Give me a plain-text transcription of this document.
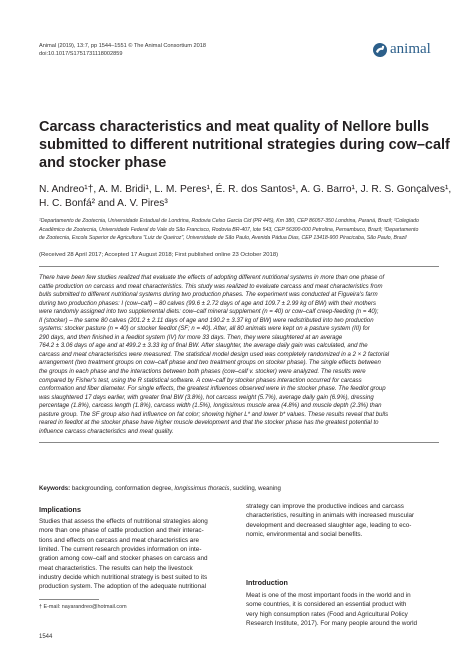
Animal (2019), 13:7, pp 1544–1551 © The Animal Consortium 2018
doi:10.1017/S1751731118002859	animal
Carcass characteristics and meat quality of Nellore bulls
submitted to different nutritional strategies during cow–calf
and stocker phase
N. Andreo¹†, A. M. Bridi¹, L. M. Peres¹, É. R. dos Santos¹, A. G. Barro¹, J. R. S. Gonçalves¹,
H. C. Bonfá² and A. V. Pires³
¹Departamento de Zootecnia, Universidade Estadual de Londrina, Rodovia Celso Garcia Cid (PR 445), Km 380, CEP 86057-350 Londrina, Paraná, Brazil; ²Colegiado
Acadêmico de Zootecnia, Universidade Federal do Vale do São Francisco, Rodovia BR-407, lote 543, CEP 56300-000 Petrolina, Pernambuco, Brazil; ³Departamento
de Zootecnia, Escola Superior de Agricultura "Luiz de Queiroz", Universidade de São Paulo, Avenida Pádua Dias, CEP 13418-900 Piracicaba, São Paulo, Brazil
(Received 28 April 2017; Accepted 17 August 2018; First published online 23 October 2018)
There have been few studies realized that evaluate the effects of adopting different nutritional systems in more than one phase of
cattle production on carcass and meat characteristics. This study was realized to evaluate carcass and meat characteristics from
bulls submitted to different nutritional systems during two production phases. The experiment was conducted at Figueira's farm
during two production phases: I (cow–calf) – 80 calves (99.6 ± 2.72 days of age and 109.7 ± 2.99 kg of BW) with their mothers
were randomly assigned into two supplemental diets: cow–calf mineral supplement (n = 40) or cow–calf creep-feeding (n = 40);
II (stocker) – the same 80 calves (201.2 ± 2.11 days of age and 190.2 ± 3.37 kg of BW) were redistributed into two production
systems: stocker pasture (n = 40) or stocker feedlot (SF; n = 40). After, all 80 animals were kept on a pasture system (III) for
290 days, and then finished in a feedlot system (IV) for more 33 days. Then, they were slaughtered at an average
764.2 ± 3.06 days of age and at 499.2 ± 3.33 kg of final BW. After slaughter, the average daily gain was calculated, and the
carcass and meat characteristics were measured. The statistical model design used was completely randomized in a 2 × 2 factorial
arrangement (two treatment groups on cow–calf phase and two treatment groups on stocker phase). The single effects between
the groups in each phase and the interactions between both phases (cow–calf v. stocker) were analyzed. The results were
compared by Fisher's test, using the R statistical software. A cow–calf by stocker phases interaction occurred for carcass
conformation and fiber diameter. For single effects, the greatest influences observed were in the stocker phase. The feedlot group
was slaughtered 17 days earlier, with greater final BW (3.8%), hot carcass weight (5.7%), average daily gain (6.9%), dressing
percentage (1.8%), carcass length (1.8%), carcass width (1.5%), longissimus muscle area (4.8%) and muscle depth (2.3%) than
pasture group. The SF group also had influence on fat color; showing higher L* and lower b* values. These results reveal that bulls
reared in feedlot at the stocker phase have higher muscle development and that the stocker phase has the greatest potential to
influence carcass characteristics and meat quality.
Keywords: backgrounding, conformation degree, longissimus thoracis, suckling, weaning
Implications
Studies that assess the effects of nutritional strategies along
more than one phase of cattle production and their interac-
tions and effects on carcass and meat characteristics are
limited. The current research provides information on inte-
gration among cow–calf and stocker phases on carcass and
meat characteristics. The results can help the livestock
industry decide which nutritional strategy is best suited to its
production system. The adoption of the adequate nutritional
† E-mail: nayarandreo@hotmail.com
1544
strategy can improve the productive indices and carcass
characteristics, resulting in animals with increased muscular
development and decreased slaughter age, leading to eco-
nomic, environmental and social benefits.
Introduction
Meat is one of the most important foods in the world and in
some countries, it is considered an essential product with
very high consumption rates (Food and Agricultural Policy
Research Institute, 2017). For many people around the world
